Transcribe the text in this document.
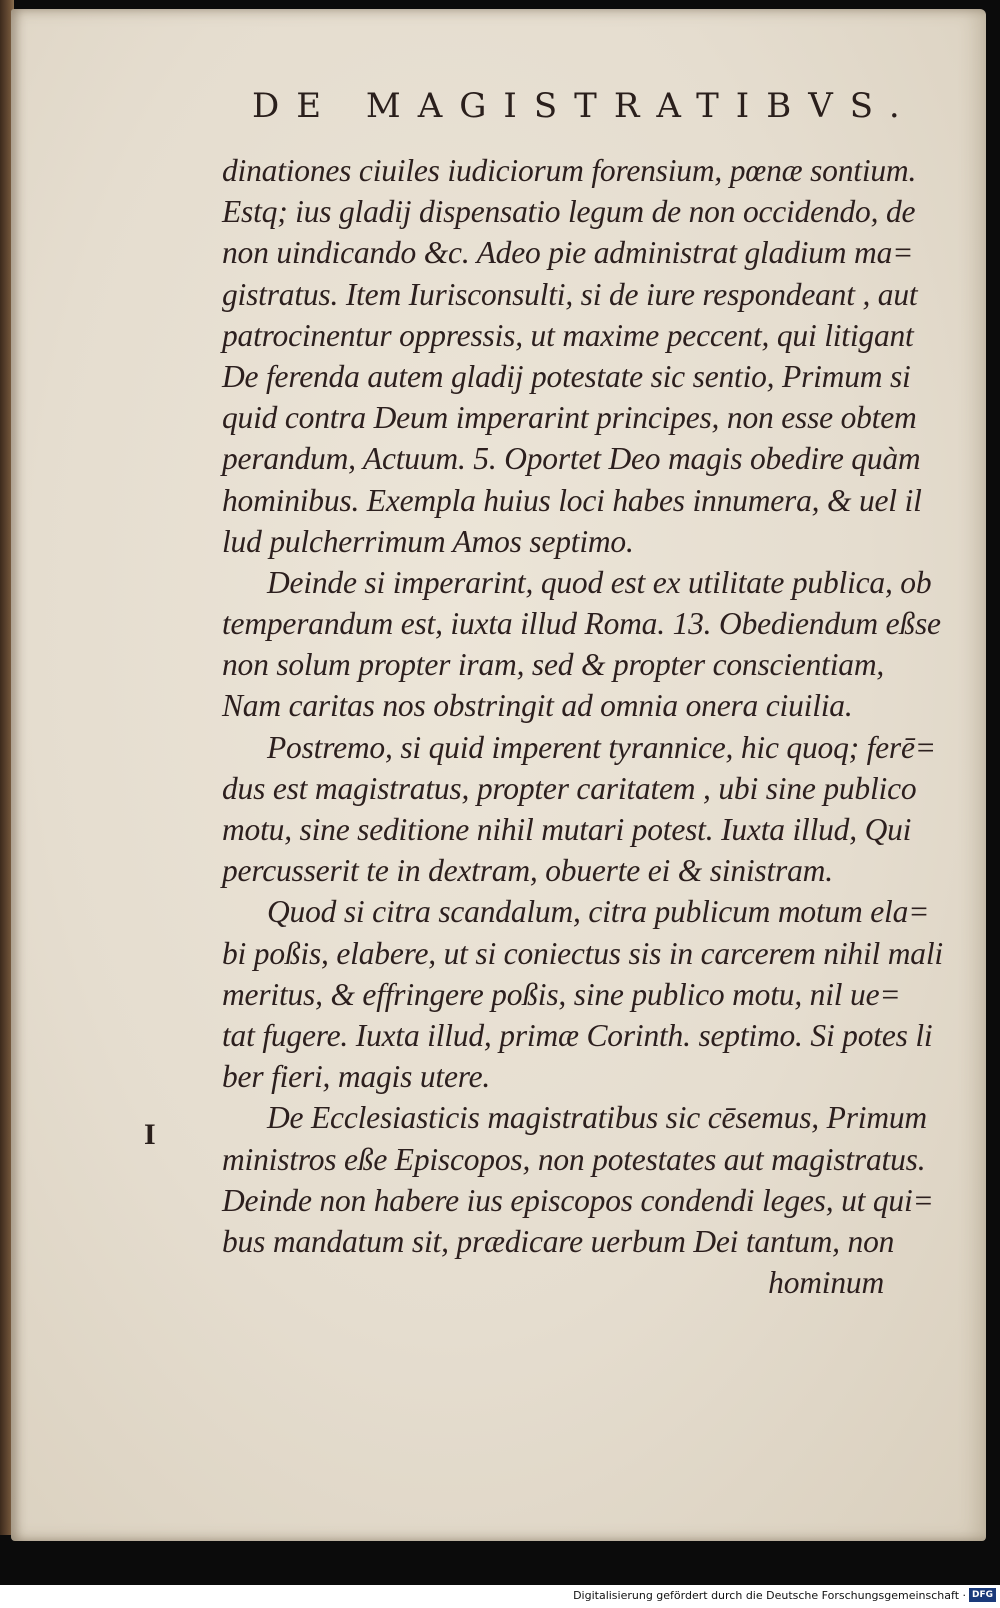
DE MAGISTRATIBVS.
I
dinationes ciuiles iudiciorum forensium, pœnæ sontium.
Estq; ius gladij dispensatio legum de non occidendo, de
non uindicando &c. Adeo pie administrat gladium ma=
gistratus. Item Iurisconsulti, si de iure respondeant , aut
patrocinentur oppressis, ut maxime peccent, qui litigant
De ferenda autem gladij potestate sic sentio, Primum si
quid contra Deum imperarint principes, non esse obtem
perandum, Actuum. 5. Oportet Deo magis obedire quàm
hominibus. Exempla huius loci habes innumera, & uel il
lud pulcherrimum Amos septimo.
Deinde si imperarint, quod est ex utilitate publica, ob
temperandum est, iuxta illud Roma. 13. Obediendum eßse
non solum propter iram, sed & propter conscientiam,
Nam caritas nos obstringit ad omnia onera ciuilia.
Postremo, si quid imperent tyrannice, hic quoq; ferē=
dus est magistratus, propter caritatem , ubi sine publico
motu, sine seditione nihil mutari potest. Iuxta illud, Qui
percusserit te in dextram, obuerte ei & sinistram.
Quod si citra scandalum, citra publicum motum ela=
bi poßis, elabere, ut si coniectus sis in carcerem nihil mali
meritus, & effringere poßis, sine publico motu, nil ue=
tat fugere. Iuxta illud, primæ Corinth. septimo. Si potes li
ber fieri, magis utere.
De Ecclesiasticis magistratibus sic cēsemus, Primum
ministros eße Episcopos, non potestates aut magistratus.
Deinde non habere ius episcopos condendi leges, ut qui=
bus mandatum sit, prædicare uerbum Dei tantum, non
hominum
Digitalisierung gefördert durch die Deutsche Forschungsgemeinschaft · DFG
